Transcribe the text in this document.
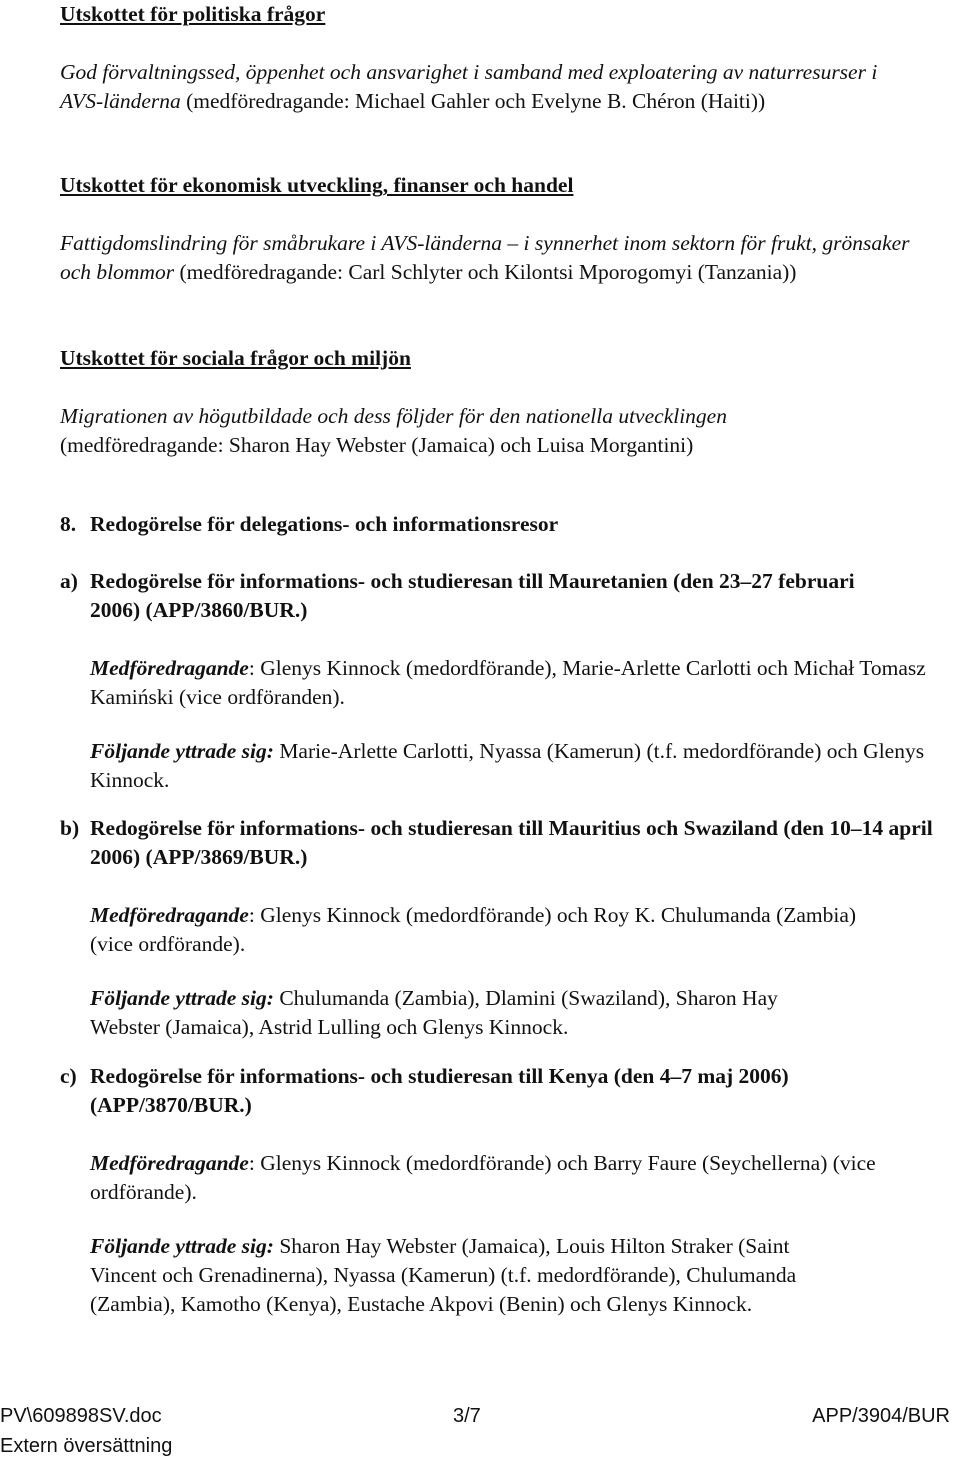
Utskottet för politiska frågor

God förvaltningssed, öppenhet och ansvarighet i samband med exploatering av naturresurser i AVS-länderna (medföredragande: Michael Gahler och Evelyne B. Chéron (Haiti))

Utskottet för ekonomisk utveckling, finanser och handel

Fattigdomslindring för småbrukare i AVS-länderna – i synnerhet inom sektorn för frukt, grönsaker och blommor (medföredragande: Carl Schlyter och Kilontsi Mporogomyi (Tanzania))

Utskottet för sociala frågor och miljön

Migrationen av högutbildade och dess följder för den nationella utvecklingen
(medföredragande: Sharon Hay Webster (Jamaica) och Luisa Morgantini)

8. Redogörelse för delegations- och informationsresor
a) Redogörelse för informations- och studieresan till Mauretanien (den 23–27 februari 2006) (APP/3860/BUR.)

Medföredragande: Glenys Kinnock (medordförande), Marie-Arlette Carlotti och Michał Tomasz Kamiński (vice ordföranden).

Följande yttrade sig: Marie-Arlette Carlotti, Nyassa (Kamerun) (t.f. medordförande) och Glenys Kinnock.

b) Redogörelse för informations- och studieresan till Mauritius och Swaziland (den 10–14 april 2006) (APP/3869/BUR.)

Medföredragande: Glenys Kinnock (medordförande) och Roy K. Chulumanda (Zambia) (vice ordförande).

Följande yttrade sig: Chulumanda (Zambia), Dlamini (Swaziland), Sharon Hay Webster (Jamaica), Astrid Lulling och Glenys Kinnock.

c) Redogörelse för informations- och studieresan till Kenya (den 4–7 maj 2006) (APP/3870/BUR.)

Medföredragande: Glenys Kinnock (medordförande) och Barry Faure (Seychellerna) (vice ordförande).

Följande yttrade sig: Sharon Hay Webster (Jamaica), Louis Hilton Straker (Saint Vincent och Grenadinerna), Nyassa (Kamerun) (t.f. medordförande), Chulumanda (Zambia), Kamotho (Kenya), Eustache Akpovi (Benin) och Glenys Kinnock.

PV\609898SV.doc	3/7	APP/3904/BUR
Extern översättning
